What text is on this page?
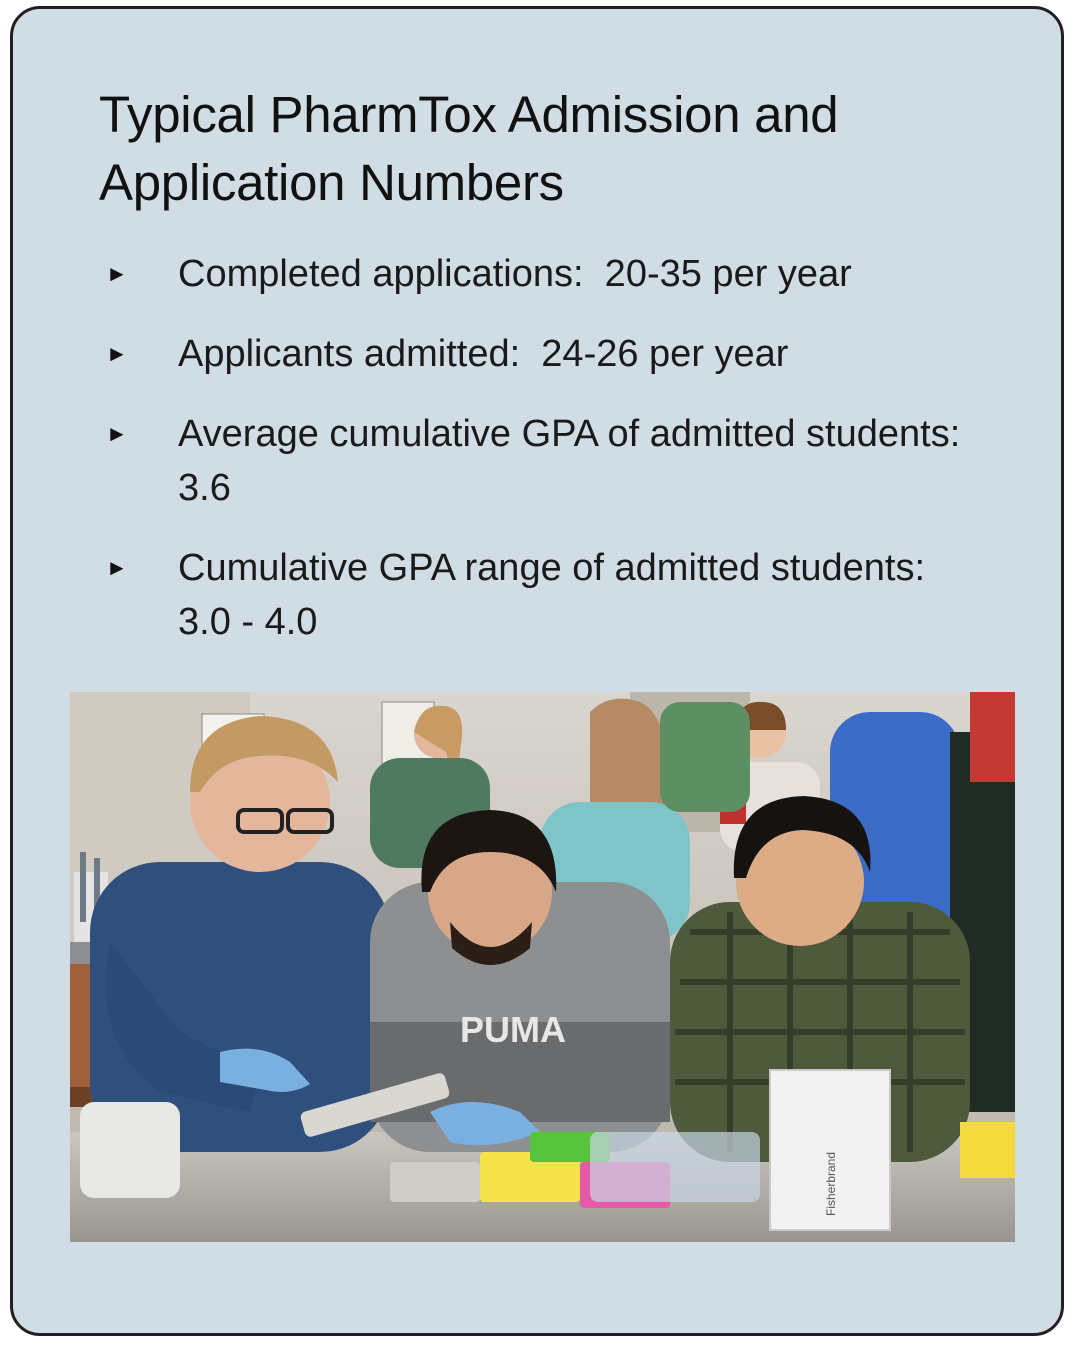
Typical PharmTox Admission and Application Numbers
►	Completed applications:  20-35 per year
►	Applicants admitted:  24-26 per year
►	Average cumulative GPA of admitted students:  3.6
►	Cumulative GPA range of admitted students:  3.0 - 4.0
PUMA
Fisherbrand
